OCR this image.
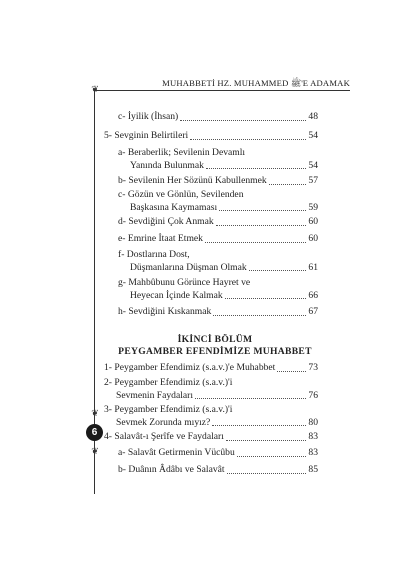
MUHABBETİ HZ. MUHAMMED ﷺ'E ADAMAK
❦
❦
6
❦
c- İyilik (İhsan)	48
5- Sevginin Belirtileri	54
a- Beraberlik; Sevilenin Devamlı
Yanında Bulunmak	54
b- Sevilenin Her Sözünü Kabullenmek	57
c- Gözün ve Gönlün, Sevilenden
Başkasına Kaymaması	59
d- Sevdiğini Çok Anmak	60
e- Emrine İtaat Etmek	60
f- Dostlarına Dost,
Düşmanlarına Düşman Olmak	61
g- Mahbûbunu Görünce Hayret ve
Heyecan İçinde Kalmak	66
h- Sevdiğini Kıskanmak	67
İKİNCİ BÖLÜM
PEYGAMBER EFENDİMİZE MUHABBET
1- Peygamber Efendimiz (s.a.v.)'e Muhabbet	73
2- Peygamber Efendimiz (s.a.v.)'i
Sevmenin Faydaları	76
3- Peygamber Efendimiz (s.a.v.)'i
Sevmek Zorunda mıyız?	80
4- Salavât-ı Şerîfe ve Faydaları	83
a- Salavât Getirmenin Vücûbu	83
b- Duânın Âdâbı ve Salavât	85
